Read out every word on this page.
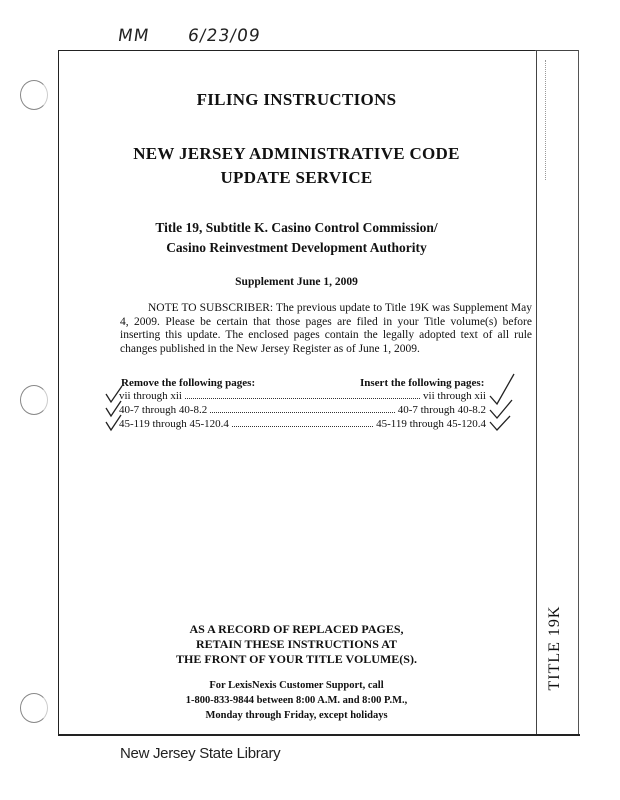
MM 6/23/09
FILING INSTRUCTIONS
NEW JERSEY ADMINISTRATIVE CODE
UPDATE SERVICE
Title 19, Subtitle K. Casino Control Commission/
Casino Reinvestment Development Authority
Supplement June 1, 2009
NOTE TO SUBSCRIBER: The previous update to Title 19K was Supplement May 4, 2009. Please be certain that those pages are filed in your Title volume(s) before inserting this update. The enclosed pages contain the legally adopted text of all rule changes published in the New Jersey Register as of June 1, 2009.
Remove the following pages:	Insert the following pages:
vii through xii	vii through xii
40-7 through 40-8.2	40-7 through 40-8.2
45-119 through 45-120.4	45-119 through 45-120.4
AS A RECORD OF REPLACED PAGES,
RETAIN THESE INSTRUCTIONS AT
THE FRONT OF YOUR TITLE VOLUME(S).
For LexisNexis Customer Support, call
1-800-833-9844 between 8:00 A.M. and 8:00 P.M.,
Monday through Friday, except holidays
TITLE 19K
New Jersey State Library
